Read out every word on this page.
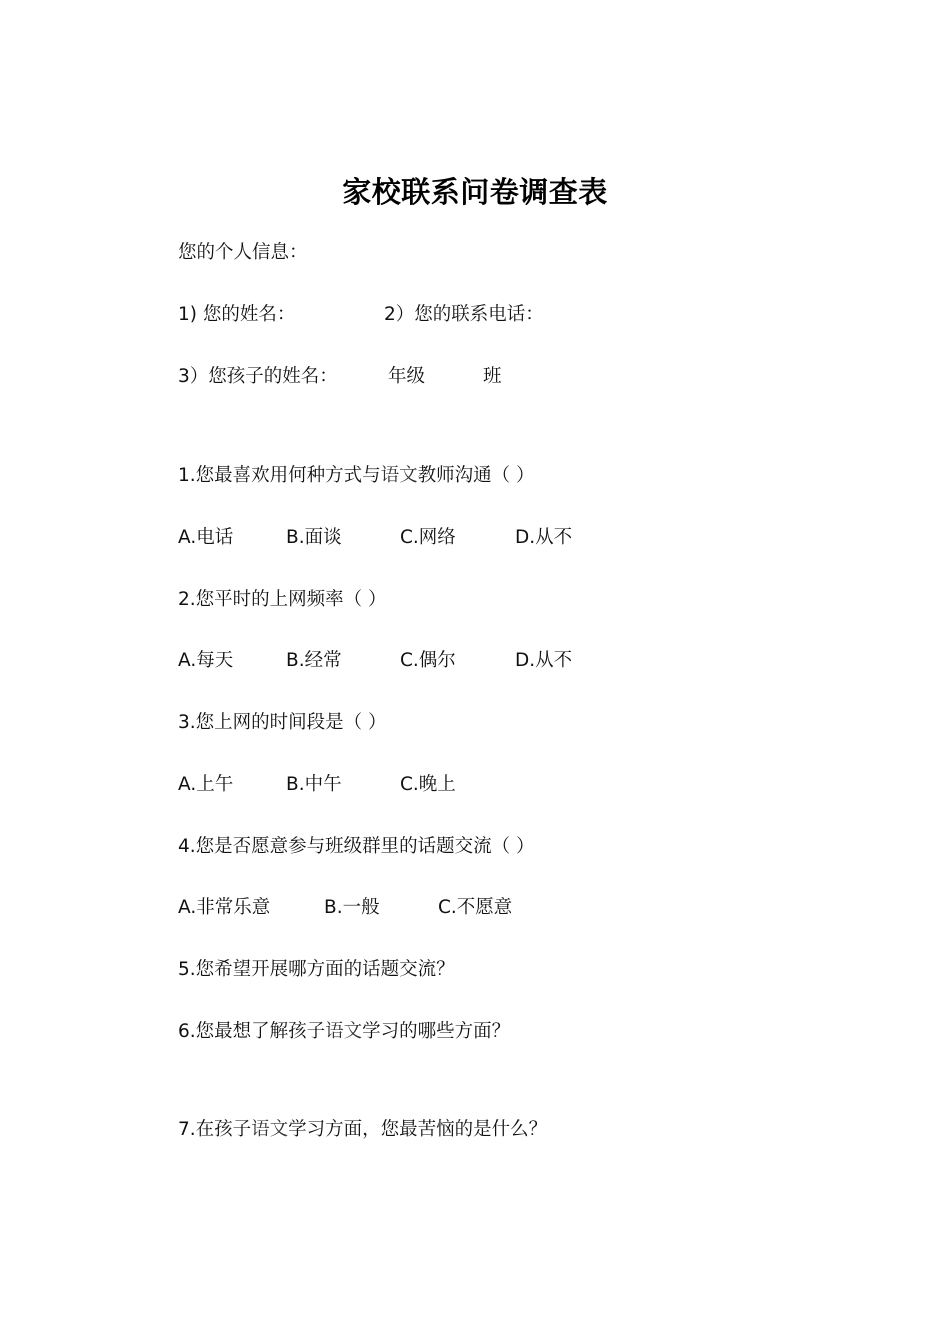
家校联系问卷调查表
您的个人信息：
1) 您的姓名：	2）您的联系电话：
3）您孩子的姓名：	年级	班
1.您最喜欢用何种方式与语文教师沟通（ ）
A.电话	B.面谈	C.网络	D.从不
2.您平时的上网频率（ ）
A.每天	B.经常	C.偶尔	D.从不
3.您上网的时间段是（ ）
A.上午	B.中午	C.晚上
4.您是否愿意参与班级群里的话题交流（ ）
A.非常乐意	B.一般	C.不愿意
5.您希望开展哪方面的话题交流？
6.您最想了解孩子语文学习的哪些方面？
7.在孩子语文学习方面，您最苦恼的是什么？
